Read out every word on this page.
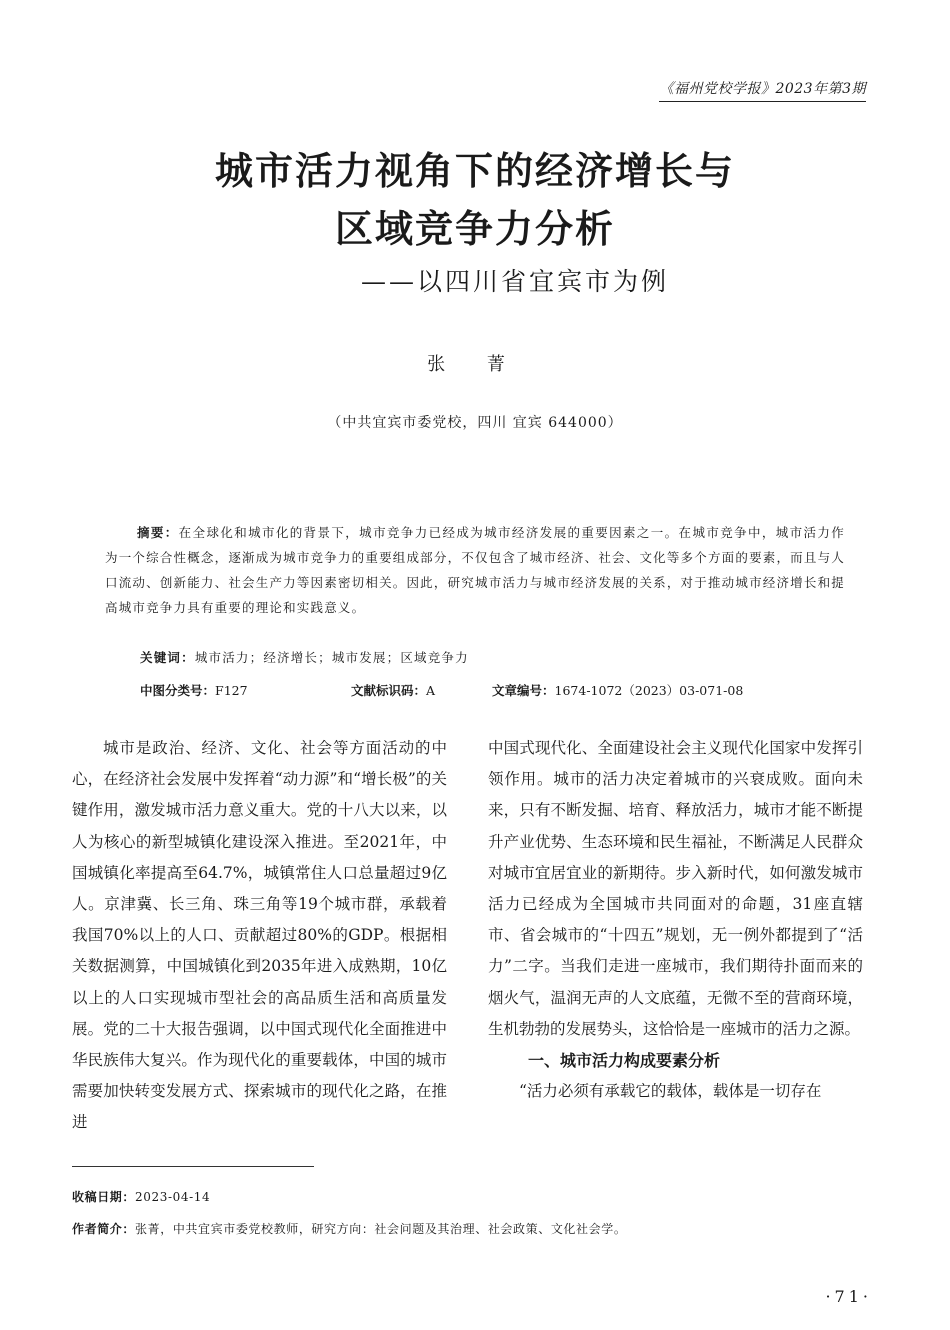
《福州党校学报》2023年第3期
城市活力视角下的经济增长与
区域竞争力分析
——以四川省宜宾市为例
张 菁
（中共宜宾市委党校，四川 宜宾 644000）
摘要：在全球化和城市化的背景下，城市竞争力已经成为城市经济发展的重要因素之一。在城市竞争中，城市活力作为一个综合性概念，逐渐成为城市竞争力的重要组成部分，不仅包含了城市经济、社会、文化等多个方面的要素，而且与人口流动、创新能力、社会生产力等因素密切相关。因此，研究城市活力与城市经济发展的关系，对于推动城市经济增长和提高城市竞争力具有重要的理论和实践意义。
关键词：城市活力；经济增长；城市发展；区域竞争力
中图分类号：F127	文献标识码：A	文章编号：1674-1072（2023）03-071-08

城市是政治、经济、文化、社会等方面活动的中心，在经济社会发展中发挥着“动力源”和“增长极”的关键作用，激发城市活力意义重大。党的十八大以来，以人为核心的新型城镇化建设深入推进。至2021年，中国城镇化率提高至64.7%，城镇常住人口总量超过9亿人。京津冀、长三角、珠三角等19个城市群，承载着我国70%以上的人口、贡献超过80%的GDP。根据相关数据测算，中国城镇化到2035年进入成熟期，10亿以上的人口实现城市型社会的高品质生活和高质量发展。党的二十大报告强调，以中国式现代化全面推进中华民族伟大复兴。作为现代化的重要载体，中国的城市需要加快转变发展方式、探索城市的现代化之路，在推进

中国式现代化、全面建设社会主义现代化国家中发挥引领作用。城市的活力决定着城市的兴衰成败。面向未来，只有不断发掘、培育、释放活力，城市才能不断提升产业优势、生态环境和民生福祉，不断满足人民群众对城市宜居宜业的新期待。步入新时代，如何激发城市活力已经成为全国城市共同面对的命题，31座直辖市、省会城市的“十四五”规划，无一例外都提到了“活力”二字。当我们走进一座城市，我们期待扑面而来的烟火气，温润无声的人文底蕴，无微不至的营商环境，生机勃勃的发展势头，这恰恰是一座城市的活力之源。

一、城市活力构成要素分析

“活力必须有承载它的载体，载体是一切存在

收稿日期：2023-04-14
作者简介：张菁，中共宜宾市委党校教师，研究方向：社会问题及其治理、社会政策、文化社会学。
·71·
